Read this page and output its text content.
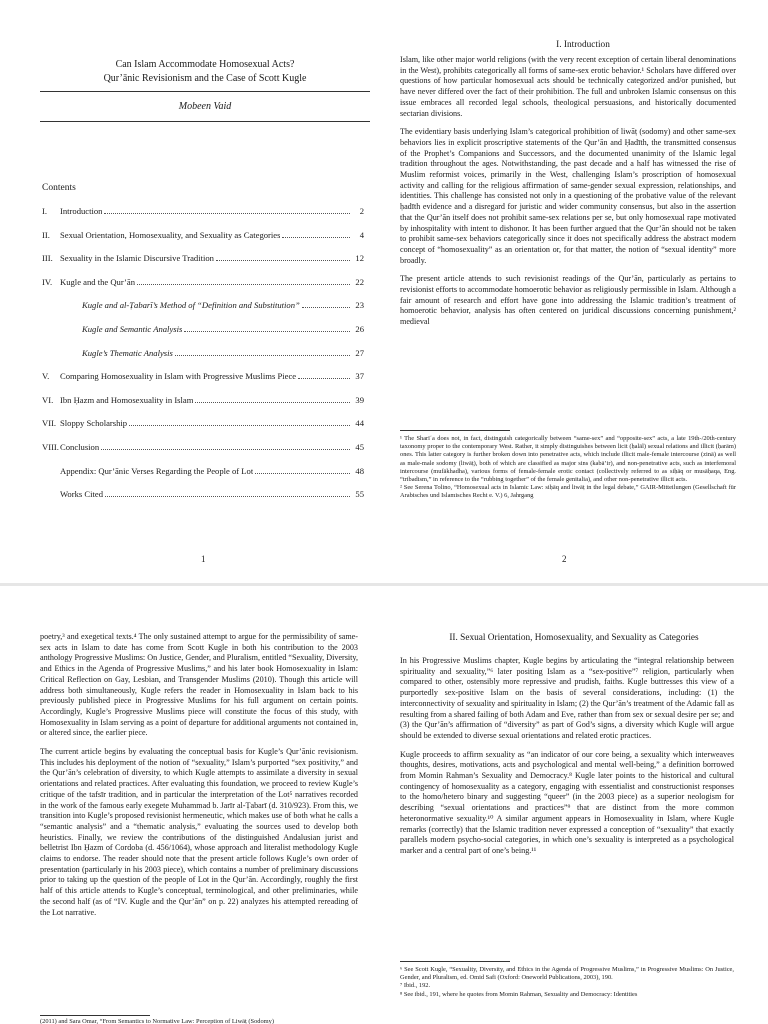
Can Islam Accommodate Homosexual Acts?
Qur’ānic Revisionism and the Case of Scott Kugle
Mobeen Vaid
Contents
I.	Introduction	2
II.	Sexual Orientation, Homosexuality, and Sexuality as Categories	4
III. Sexuality in the Islamic Discursive Tradition	12
IV. Kugle and the Qur’ān	22
Kugle and al-Ṭabarī’s Method of “Definition and Substitution”	23
Kugle and Semantic Analysis	26
Kugle’s Thematic Analysis	27
V.	Comparing Homosexuality in Islam with Progressive Muslims Piece	37
VI. Ibn Ḥazm and Homosexuality in Islam	39
VII. Sloppy Scholarship	44
VIII. Conclusion	45
Appendix: Qur’ānic Verses Regarding the People of Lot	48
Works Cited	55
1
I. Introduction

Islam, like other major world religions (with the very recent exception of certain liberal denominations in the West), prohibits categorically all forms of same-sex erotic behavior.¹ Scholars have differed over questions of how particular homosexual acts should be technically categorized and/or punished, but have never differed over the fact of their prohibition. The full and unbroken Islamic consensus on this issue embraces all recorded legal schools, theological persuasions, and historically documented sectarian divisions.

The evidentiary basis underlying Islam’s categorical prohibition of liwāṭ (sodomy) and other same-sex behaviors lies in explicit proscriptive statements of the Qur’ān and Ḥadīth, the transmitted consensus of the Prophet’s Companions and Successors, and the documented unanimity of the Islamic legal tradition throughout the ages. Notwithstanding, the past decade and a half has witnessed the rise of Muslim reformist voices, primarily in the West, challenging Islam’s proscription of homosexual activity and calling for the religious affirmation of same-gender sexual expression, relationships, and identities. This challenge has consisted not only in a questioning of the probative value of the relevant ḥadīth evidence and a disregard for juristic and wider community consensus, but also in the assertion that the Qur’ān itself does not prohibit same-sex relations per se, but only homosexual rape motivated by inhospitality with intent to dishonor. It has been further argued that the Qur’ān should not be taken to prohibit same-sex behaviors categorically since it does not specifically address the abstract modern concept of “homosexuality” as an orientation or, for that matter, the notion of “sexual identity” more broadly.

The present article attends to such revisionist readings of the Qur’ān, particularly as pertains to revisionist efforts to accommodate homoerotic behavior as religiously permissible in Islam. Although a fair amount of research and effort have gone into addressing the Islamic tradition’s treatment of homoerotic behavior, analysis has often centered on juridical discussions concerning punishment,² medieval

¹ The Sharīʿa does not, in fact, distinguish categorically between “same-sex” and “opposite-sex” acts, a late 19th-/20th-century taxonomy proper to the contemporary West. Rather, it simply distinguishes between licit (ḥalāl) sexual relations and illicit (ḥarām) ones. This latter category is further broken down into penetrative acts, which include illicit male-female intercourse (zinā) as well as male-male sodomy (liwāṭ), both of which are classified as major sins (kabā’ir), and non-penetrative acts, such as interfemoral intercourse (mufākhadha), various forms of female-female erotic contact (collectively referred to as siḥāq or musāḥaqa, Eng. “tribadism,” in reference to the “rubbing together” of the female genitalia), and other non-penetrative illicit acts.

² See Serena Tolino, “Homosexual acts in Islamic Law: siḥāq and liwāṭ in the legal debate,” GAIR-Mitteilungen (Gesellschaft für Arabisches und Islamisches Recht e. V.) 6, Jahrgang

2

poetry,³ and exegetical texts.⁴ The only sustained attempt to argue for the permissibility of same-sex acts in Islam to date has come from Scott Kugle in both his contribution to the 2003 anthology Progressive Muslims: On Justice, Gender, and Pluralism, entitled “Sexuality, Diversity, and Ethics in the Agenda of Progressive Muslims,” and his later book Homosexuality in Islam: Critical Reflection on Gay, Lesbian, and Transgender Muslims (2010). Though this article will address both simultaneously, Kugle refers the reader in Homosexuality in Islam back to his previously published piece in Progressive Muslims for his full argument on certain points. Accordingly, Kugle’s Progressive Muslims piece will constitute the focus of this study, with Homosexuality in Islam serving as a point of departure for additional arguments not contained in, or altered since, the earlier piece.

The current article begins by evaluating the conceptual basis for Kugle’s Qur’ānic revisionism. This includes his deployment of the notion of “sexuality,” Islam’s purported “sex positivity,” and the Qur’ān’s celebration of diversity, to which Kugle attempts to assimilate a diversity in sexual orientations and related practices. After evaluating this foundation, we proceed to review Kugle’s critique of the tafsīr tradition, and in particular the interpretation of the Lot⁵ narratives recorded in the work of the famous early exegete Muhammad b. Jarīr al-Ṭabarī (d. 310/923). From this, we transition into Kugle’s proposed revisionist hermeneutic, which makes use of both what he calls a “semantic analysis” and a “thematic analysis,” evaluating the sources used to develop both heuristics. Finally, we review the contributions of the distinguished Andalusian jurist and belletrist Ibn Ḥazm of Cordoba (d. 456/1064), whose approach and literalist methodology Kugle claims to endorse. The reader should note that the present article follows Kugle’s own order of presentation (particularly in his 2003 piece), which contains a number of preliminary discussions prior to taking up the question of the people of Lot in the Qur’ān. Accordingly, roughly the first half of this article attends to Kugle’s conceptual, terminological, and other preliminaries, while the second half (as of “IV. Kugle and the Qur’ān” on p. 22) analyzes his attempted rereading of the Lot narrative.

(2011) and Sara Omar, “From Semantics to Normative Law: Perception of Liwāṭ (Sodomy)
II. Sexual Orientation, Homosexuality, and Sexuality as Categories

In his Progressive Muslims chapter, Kugle begins by articulating the “integral relationship between spirituality and sexuality,”⁶ later positing Islam as a “sex-positive”⁷ religion, particularly when compared to other, ostensibly more repressive and prudish, faiths. Kugle buttresses this view of a purportedly sex-positive Islam on the basis of several considerations, including: (1) the interconnectivity of sexuality and spirituality in Islam; (2) the Qur’ān’s treatment of the Adamic fall as resulting from a shared failing of both Adam and Eve, rather than from sex or sexual desire per se; and (3) the Qur’ān’s affirmation of “diversity” as part of God’s signs, a diversity which Kugle will argue should be extended to diverse sexual orientations and related erotic practices.

Kugle proceeds to affirm sexuality as “an indicator of our core being, a sexuality which interweaves thoughts, desires, motivations, acts and psychological and mental well-being,” a definition borrowed from Momin Rahman’s Sexuality and Democracy.⁸ Kugle later points to the historical and cultural contingency of homosexuality as a category, engaging with essentialist and constructionist responses to the homo/hetero binary and suggesting “queer” (in the 2003 piece) as a superior neologism for describing “sexual orientations and practices”⁹ that are distinct from the more common heteronormative sexuality.¹⁰ A similar argument appears in Homosexuality in Islam, where Kugle remarks (correctly) that the Islamic tradition never expressed a conception of “sexuality” that exactly parallels modern psycho-social categories, in which one’s sexuality is interpreted as a psychological marker and a central part of one’s being.¹¹

⁶ See Scott Kugle, “Sexuality, Diversity, and Ethics in the Agenda of Progressive Muslims,” in Progressive Muslims: On Justice, Gender, and Pluralism, ed. Omid Safi (Oxford: Oneworld Publications, 2003), 190.

⁷ Ibid., 192.

⁸ See ibid., 191, where he quotes from Momin Rahman, Sexuality and Democracy: Identities
